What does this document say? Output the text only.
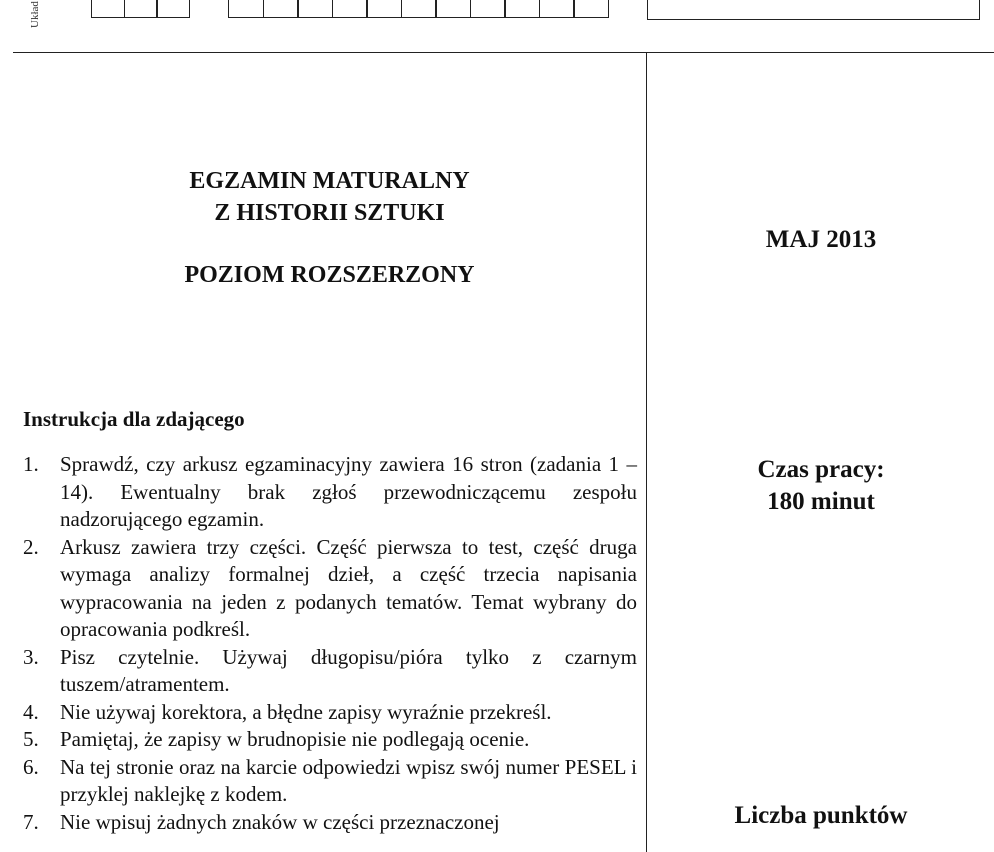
Układ
EGZAMIN MATURALNY
Z HISTORII SZTUKI
POZIOM ROZSZERZONY
Instrukcja dla zdającego
1. Sprawdź, czy arkusz egzaminacyjny zawiera 16 stron (zadania 1 – 14). Ewentualny brak zgłoś przewodniczącemu zespołu nadzorującego egzamin.
2. Arkusz zawiera trzy części. Część pierwsza to test, część druga wymaga analizy formalnej dzieł, a część trzecia napisania wypracowania na jeden z podanych tematów. Temat wybrany do opracowania podkreśl.
3. Pisz czytelnie. Używaj długopisu/pióra tylko z czarnym tuszem/atramentem.
4. Nie używaj korektora, a błędne zapisy wyraźnie przekreśl.
5. Pamiętaj, że zapisy w brudnopisie nie podlegają ocenie.
6. Na tej stronie oraz na karcie odpowiedzi wpisz swój numer PESEL i przyklej naklejkę z kodem.
7. Nie wpisuj żadnych znaków w części przeznaczonej
MAJ 2013
Czas pracy:
180 minut
Liczba punktów
